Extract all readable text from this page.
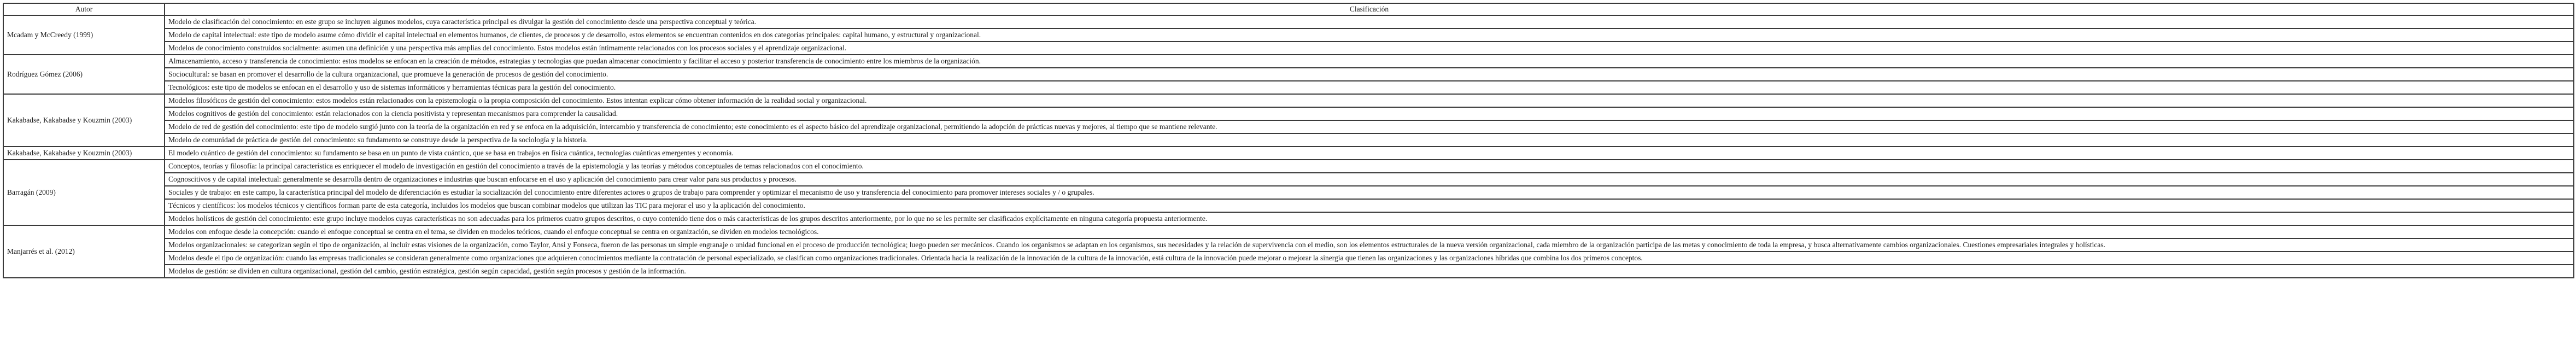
Autor	Clasificación
Mcadam y McCreedy (1999)	Modelo de clasificación del conocimiento: en este grupo se incluyen algunos modelos, cuya característica principal es divulgar la gestión del conocimiento desde una perspectiva conceptual y teórica.
	Modelo de capital intelectual: este tipo de modelo asume cómo dividir el capital intelectual en elementos humanos, de clientes, de procesos y de desarrollo, estos elementos se encuentran contenidos en dos categorías principales: capital humano, y estructural y organizacional.
	Modelos de conocimiento construidos socialmente: asumen una definición y una perspectiva más amplias del conocimiento. Estos modelos están íntimamente relacionados con los procesos sociales y el aprendizaje organizacional.
Rodríguez Gómez (2006)	Almacenamiento, acceso y transferencia de conocimiento: estos modelos se enfocan en la creación de métodos, estrategias y tecnologías que puedan almacenar conocimiento y facilitar el acceso y posterior transferencia de conocimiento entre los miembros de la organización.
	Sociocultural: se basan en promover el desarrollo de la cultura organizacional, que promueve la generación de procesos de gestión del conocimiento.
	Tecnológicos: este tipo de modelos se enfocan en el desarrollo y uso de sistemas informáticos y herramientas técnicas para la gestión del conocimiento.
Kakabadse, Kakabadse y Kouzmin (2003)	Modelos filosóficos de gestión del conocimiento: estos modelos están relacionados con la epistemología o la propia composición del conocimiento. Estos intentan explicar cómo obtener información de la realidad social y organizacional.
	Modelos cognitivos de gestión del conocimiento: están relacionados con la ciencia positivista y representan mecanismos para comprender la causalidad.
	Modelo de red de gestión del conocimiento: este tipo de modelo surgió junto con la teoría de la organización en red y se enfoca en la adquisición, intercambio y transferencia de conocimiento; este conocimiento es el aspecto básico del aprendizaje organizacional, permitiendo la adopción de prácticas nuevas y mejores, al tiempo que se mantiene relevante.
	Modelo de comunidad de práctica de gestión del conocimiento: su fundamento se construye desde la perspectiva de la sociología y la historia.
Kakabadse, Kakabadse y Kouzmin (2003)	El modelo cuántico de gestión del conocimiento: su fundamento se basa en un punto de vista cuántico, que se basa en trabajos en física cuántica, tecnologías cuánticas emergentes y economía.
Barragán (2009)	Conceptos, teorías y filosofía: la principal característica es enriquecer el modelo de investigación en gestión del conocimiento a través de la epistemología y las teorías y métodos conceptuales de temas relacionados con el conocimiento.
	Cognoscitivos y de capital intelectual: generalmente se desarrolla dentro de organizaciones e industrias que buscan enfocarse en el uso y aplicación del conocimiento para crear valor para sus productos y procesos.
	Sociales y de trabajo: en este campo, la característica principal del modelo de diferenciación es estudiar la socialización del conocimiento entre diferentes actores o grupos de trabajo para comprender y optimizar el mecanismo de uso y transferencia del conocimiento para promover intereses sociales y / o grupales.
	Técnicos y científicos: los modelos técnicos y científicos forman parte de esta categoría, incluidos los modelos que buscan combinar modelos que utilizan las TIC para mejorar el uso y la aplicación del conocimiento.
	Modelos holísticos de gestión del conocimiento: este grupo incluye modelos cuyas características no son adecuadas para los primeros cuatro grupos descritos, o cuyo contenido tiene dos o más características de los grupos descritos anteriormente, por lo que no se les permite ser clasificados explícitamente en ninguna categoría propuesta anteriormente.
Manjarrés et al. (2012)	Modelos con enfoque desde la concepción: cuando el enfoque conceptual se centra en el tema, se dividen en modelos teóricos, cuando el enfoque conceptual se centra en organización, se dividen en modelos tecnológicos.
	Modelos organizacionales: se categorizan según el tipo de organización, al incluir estas visiones de la organización, como Taylor, Ansi y Fonseca, fueron de las personas un simple engranaje o unidad funcional en el proceso de producción tecnológica; luego pueden ser mecánicos. Cuando los organismos se adaptan en los organismos, sus necesidades y la relación de supervivencia con el medio, son los elementos estructurales de la nueva versión organizacional, cada miembro de la organización participa de las metas y conocimiento de toda la empresa, y busca alternativamente cambios organizacionales. Cuestiones empresariales integrales y holísticas.
	Modelos desde el tipo de organización: cuando las empresas tradicionales se consideran generalmente como organizaciones que adquieren conocimientos mediante la contratación de personal especializado, se clasifican como organizaciones tradicionales. Orientada hacia la realización de la innovación de la cultura de la innovación, está cultura de la innovación puede mejorar o mejorar la sinergia que tienen las organizaciones y las organizaciones híbridas que combina los dos primeros conceptos.
	Modelos de gestión: se dividen en cultura organizacional, gestión del cambio, gestión estratégica, gestión según capacidad, gestión según procesos y gestión de la información.
